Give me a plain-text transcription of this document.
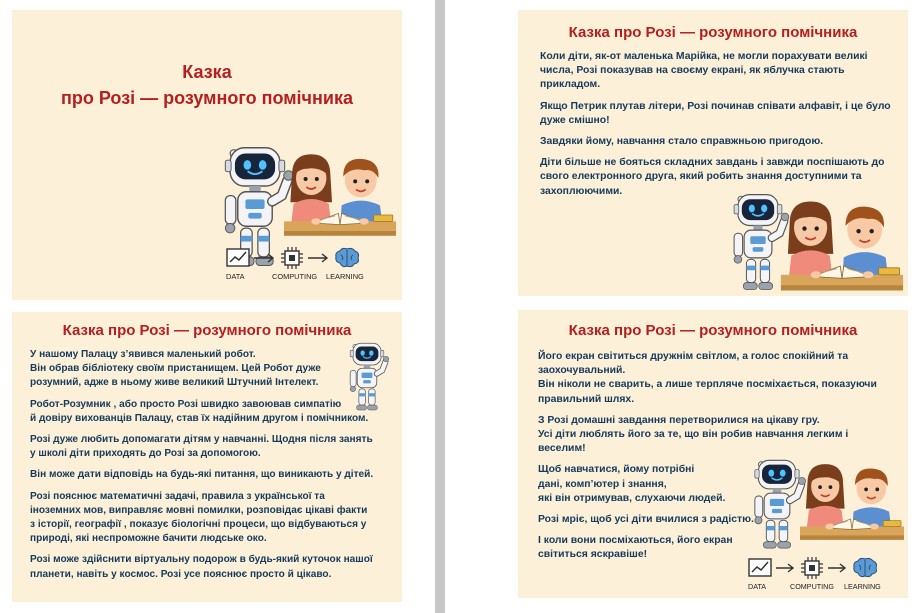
Казка
про Розі — розумного помічника
DATA	COMPUTING LEARNING
Казка про Розі — розумного помічника

Коли діти, як-от маленька Марійка, не могли порахувати великі
числа, Розі показував на своєму екрані, як яблучка стають
прикладом.

Якщо Петрик плутав літери, Розі починав співати алфавіт, і це було
дуже смішно!

Завдяки йому, навчання стало справжньою пригодою.

Діти більше не бояться складних завдань і завжди поспішають до
свого електронного друга, який робить знання доступними та
захоплюючими.

Казка про Розі — розумного помічника

У нашому Палацу з’явився маленький робот.
Він обрав бібліотеку своїм пристанищем. Цей Робот дуже
розумний, адже в ньому живе великий Штучний Інтелект.

Робот-Розумник , або просто Розі швидко завоював симпатію
й довіру вихованців Палацу, став їх надійним другом і помічником.

Розі дуже любить допомагати дітям у навчанні. Щодня після занять
у школі діти приходять до Розі за допомогою.

Він може дати відповідь на будь-які питання, що виникають у дітей.

Розі пояснює математичні задачі, правила з української та
іноземних мов, виправляє мовні помилки, розповідає цікаві факти
з історії, географії , показує біологічні процеси, що відбуваються у
природі, які неспроможне бачити людське око.

Розі може здійснити віртуальну подорож в будь-який куточок нашої
планети, навіть у космос. Розі усе пояснює просто й цікаво.

Казка про Розі — розумного помічника

Його екран світиться дружнім світлом, а голос спокійний та
заохочувальний.
Він ніколи не сварить, а лише терпляче посміхається, показуючи
правильний шлях.

З Розі домашні завдання перетворилися на цікаву гру.
Усі діти люблять його за те, що він робив навчання легким і
веселим!

Щоб навчатися, йому потрібні
дані, комп’ютер і знання,
які він отримував, слухаючи людей.

Розі мріє, щоб усі діти вчилися з радістю.

І коли вони посміхаються, його екран
світиться яскравіше!

DATA	COMPUTING LEARNING
